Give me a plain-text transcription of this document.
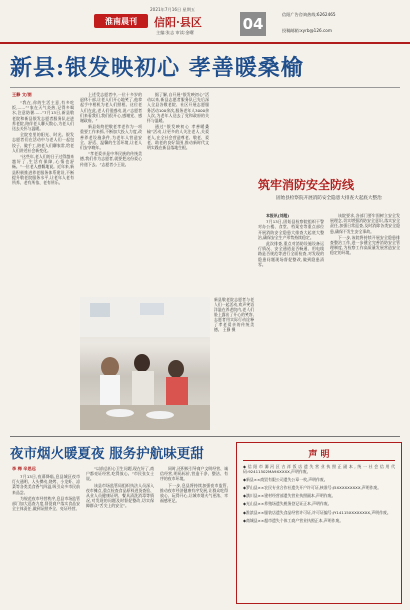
淮南晨刊
2021年7月16日 星期五
信阳·县区
主编:张志 审读:金曙	04
信阳广告咨询热线:6262465
投稿邮箱:xyrb@126.com
新县:银发映初心 孝善暖桑榆
王静 文/图

“我在,你的生活主意,有多吃饭,……”“家在天气炎热,记得多喝水,注意防暑……”7月13日,新县敬老院和新县银发志愿者服务队走进养老院,陪伴老人聊天散心,为老人们送去关怀与温暖。

全院室里的阳光、时光、银发志愿者们在活动中与老人们一起包饺子、做手工,陪老人们聊家常,给老人们讲述社会新变化。

“这些年,老人们的日子过得越来越好了,生活有保障,心情也舒畅。”一位老人感慨地说。近年来,新县积极推进养老服务体系建设,不断提升敬老院服务水平,让老年人老有所养、老有所依、老有所乐。

上述受志愿者中,一位十多岁的退休干部,让老人们开心地笑了,他拿起手中相机为老人们照相。这位老人们在此,老人们很感动,说:“志愿者们来看我们,我们很开心,感谢党、感谢政府。”

新县始终把敬老孝老作为一项重要工作来抓,不断加大投入力度,改善养老设施条件,为老年人营造安全、舒适、温馨的生活环境,让老人们安享晚年。

“孝老爱亲是中华民族的传统美德,我们作为志愿者,就要把这份爱心传递下去。”志愿者小王说。

据了解,自开展“银发映初心”活动以来,新县志愿者服务队已先后深入全县各敬老院、社区开展志愿服务活动100余次,服务老年人3000余人次,为老年人送去了党和政府的关怀与温暖。

通过“银发映初心 孝善暖桑榆”活动,让更多的人关注老人,关爱老人,在全社会营造尊老、敬老、爱老、助老的良好氛围,推动新时代文明实践在新县落地生根。

新县敬老院志愿者与老人们一起活动,欢声笑语洋溢在养老院内,老人们脸上露出了开心的笑容,志愿者用实际行动诠释了孝老爱亲的传统美德。 王静 摄

筑牢消防安全防线
固始县检察院开展消防安全隐患大排查大起底大整治

本报讯(刘超)

7月13日,固始县检察院组织干警对办公楼、食堂、档案室等重点部位开展消防安全隐患大排查大起底大整治,确保安全生产形势持续稳定。

此次排查,重点对消防设施设备运行情况、安全通道是否畅通、用电线路是否规范等进行全面检查,对发现的隐患问题现场督促整改,做到隐患清零。

该院要求,各部门要牢固树立安全发展理念,切实增强消防安全意识,落实安全责任,加强日常巡查,及时消除各类安全隐患,确保不发生安全事故。

下一步,该院将持续开展安全隐患排查整治工作,进一步健全完善消防安全管理制度,为检察工作高质量发展营造安全稳定的环境。

夜市烟火暖夏夜 服务护航味更甜
李 梅 辛思远

7月13日,夜幕降临,息县城区夜市灯火通明、人头攒动,烧烤、小龙虾、凉菜等各类美食香气四溢,吸引众多市民前来品尝。

为规范夜市经营秩序,息县市场监管部门加大巡查力度,督促商户落实食品安全主体责任,做到证照齐全、亮证经营。

“以前总担心卫生问题,现在好了,商户都亮证经营,吃得放心。”市民张女士说。

该县市场监管局组织执法人员深入夜市摊点,重点检查食品原料进货查验、从业人员健康证明、餐具清洗消毒等情况,对发现的问题及时督促整改,切实保障群众“舌尖上的安全”。

同时,还积极引导商户文明经营、诚信经营,明码标价,营造干净、整洁、有序的夜市环境。

下一步,息县将持续加强夜市监管,推动夜市经济健康有序发展,让群众吃得放心、玩得开心,让城市烟火气更浓、幸福感更足。

声 明

◆信阳市浉河区吉祥饭店遗失营业执照正副本,统一社会信用代码:92411502MA9XXXXX,声明作废。

◆新县××商贸有限公司遗失公章一枚,声明作废。

◆罗山县××农民专业合作社遗失开户许可证,核准号:J5XXXXXXXXX,声明作废。

◆潢川县××建材经营部遗失营业执照副本,声明作废。

◆光山县××养殖场遗失税务登记证正本,声明作废。

◆淮滨县××服装店遗失食品经营许可证,许可证编号:JY14115XXXXXXXX,声明作废。

◆商城县××超市遗失个体工商户营业执照正本,声明作废。
